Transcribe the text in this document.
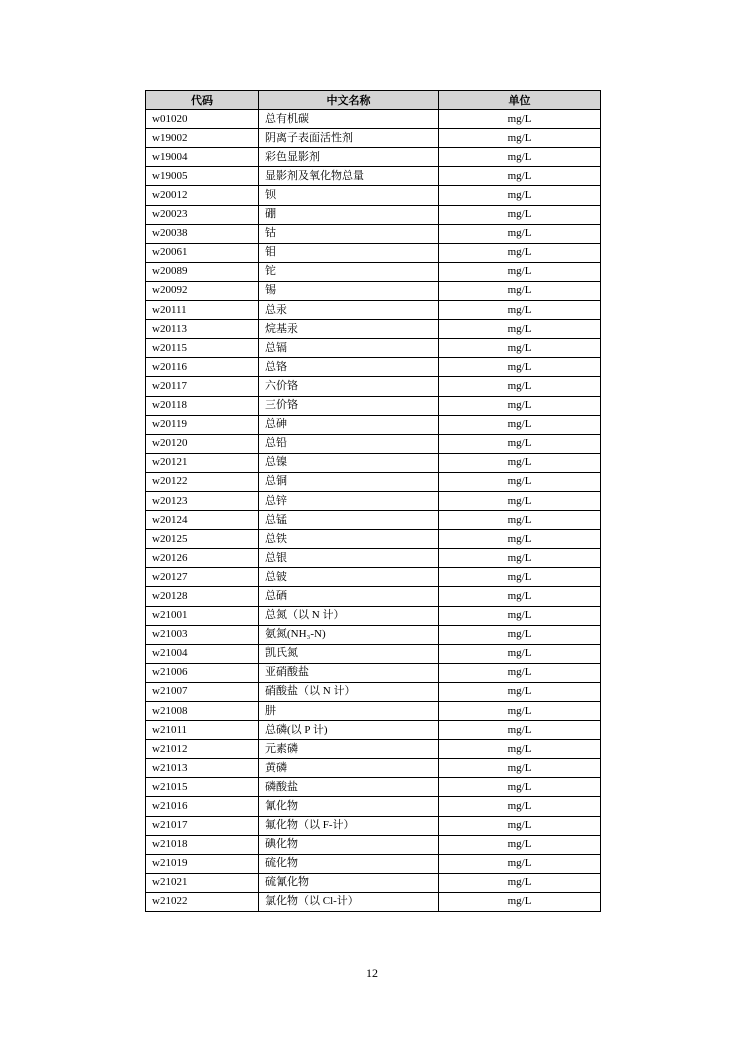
代码	中文名称	单位
w01020	总有机碳	mg/L
w19002	阴离子表面活性剂	mg/L
w19004	彩色显影剂	mg/L
w19005	显影剂及氧化物总量	mg/L
w20012	钡	mg/L
w20023	硼	mg/L
w20038	钴	mg/L
w20061	钼	mg/L
w20089	铊	mg/L
w20092	锡	mg/L
w20111	总汞	mg/L
w20113	烷基汞	mg/L
w20115	总镉	mg/L
w20116	总铬	mg/L
w20117	六价铬	mg/L
w20118	三价铬	mg/L
w20119	总砷	mg/L
w20120	总铅	mg/L
w20121	总镍	mg/L
w20122	总铜	mg/L
w20123	总锌	mg/L
w20124	总锰	mg/L
w20125	总铁	mg/L
w20126	总银	mg/L
w20127	总铍	mg/L
w20128	总硒	mg/L
w21001	总氮（以 N 计）	mg/L
w21003	氨氮(NH₃-N)	mg/L
w21004	凯氏氮	mg/L
w21006	亚硝酸盐	mg/L
w21007	硝酸盐（以 N 计）	mg/L
w21008	肼	mg/L
w21011	总磷(以 P 计)	mg/L
w21012	元素磷	mg/L
w21013	黄磷	mg/L
w21015	磷酸盐	mg/L
w21016	氰化物	mg/L
w21017	氟化物（以 F-计）	mg/L
w21018	碘化物	mg/L
w21019	硫化物	mg/L
w21021	硫氰化物	mg/L
w21022	氯化物（以 Cl-计）	mg/L
12
